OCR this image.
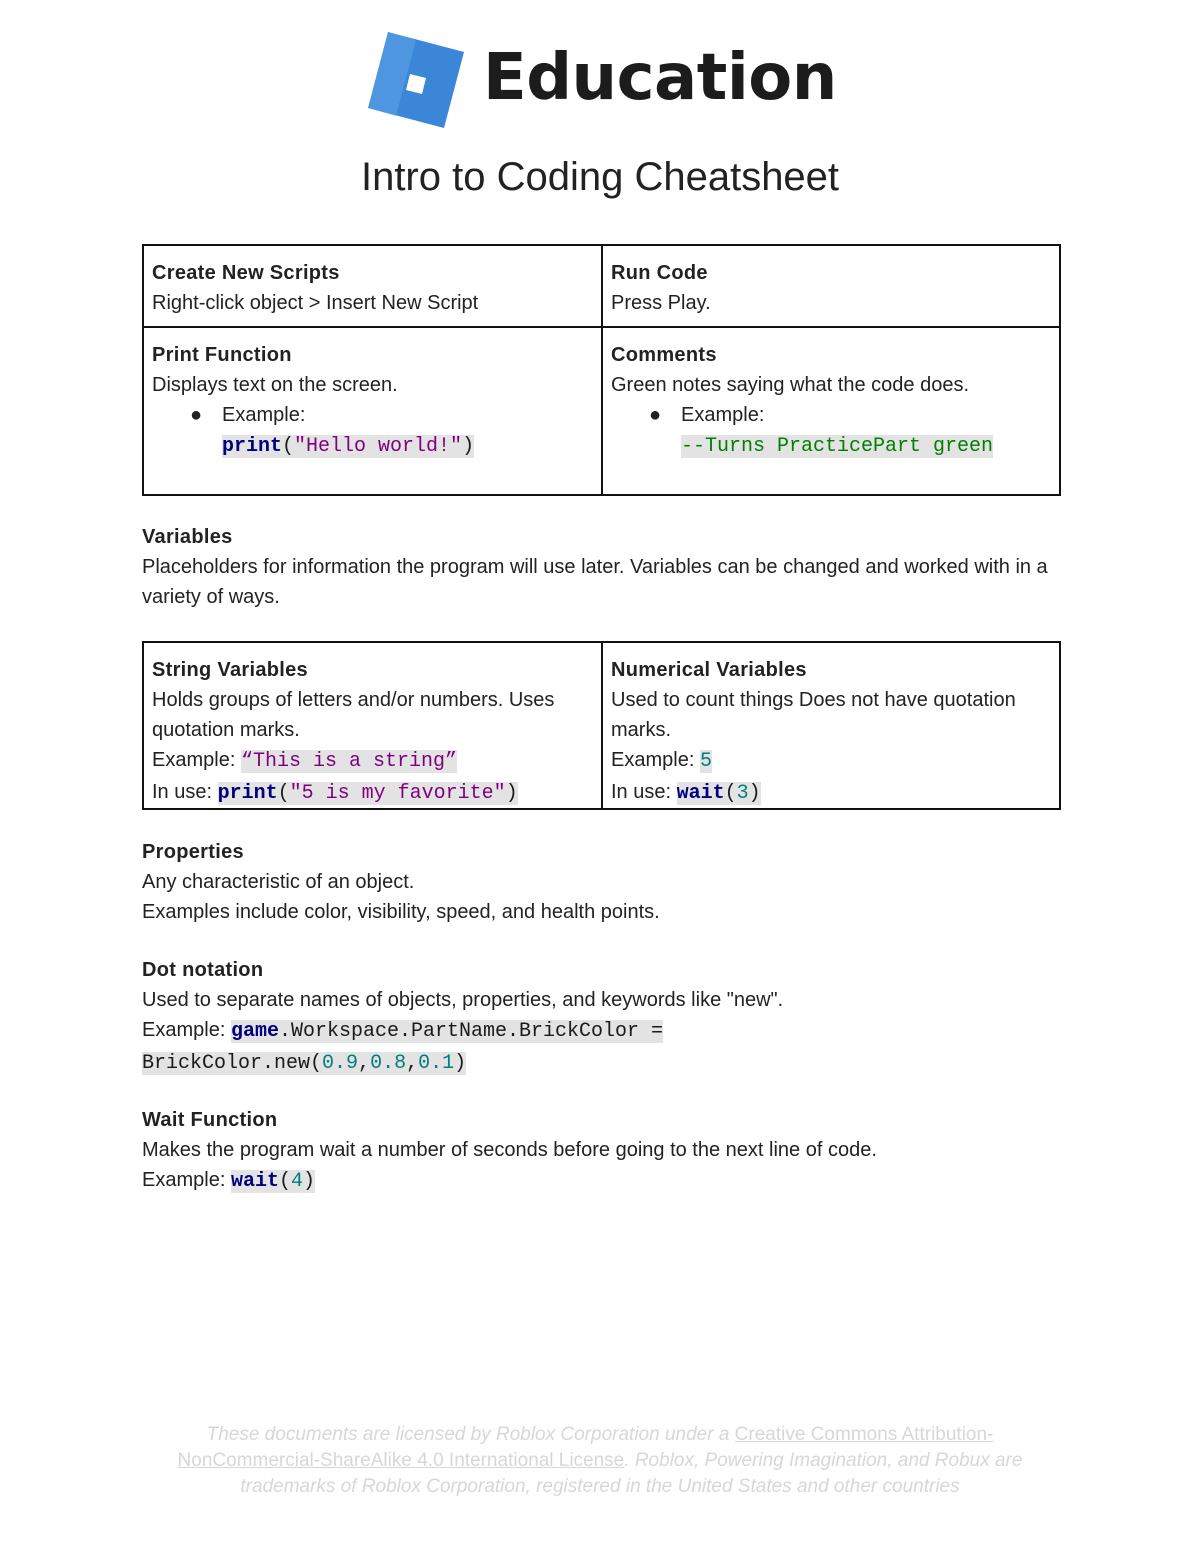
Education
Intro to Coding Cheatsheet
Create New Scripts
Right-click object > Insert New Script
Run Code
Press Play.
Print Function
Displays text on the screen.
● Example:
print("Hello world!")
Comments
Green notes saying what the code does.
● Example:
--Turns PracticePart green
Variables
Placeholders for information the program will use later. Variables can be changed and worked with in a variety of ways.
String Variables
Holds groups of letters and/or numbers. Uses quotation marks.
Example: “This is a string”
In use: print("5 is my favorite")
Numerical Variables
Used to count things Does not have quotation marks.
Example: 5
In use: wait(3)
Properties
Any characteristic of an object.
Examples include color, visibility, speed, and health points.
Dot notation
Used to separate names of objects, properties, and keywords like "new".
Example: game.Workspace.PartName.BrickColor =
BrickColor.new(0.9,0.8,0.1)
Wait Function
Makes the program wait a number of seconds before going to the next line of code.
Example: wait(4)
These documents are licensed by Roblox Corporation under a Creative Commons Attribution-NonCommercial-ShareAlike 4.0 International License. Roblox, Powering Imagination, and Robux are trademarks of Roblox Corporation, registered in the United States and other countries
